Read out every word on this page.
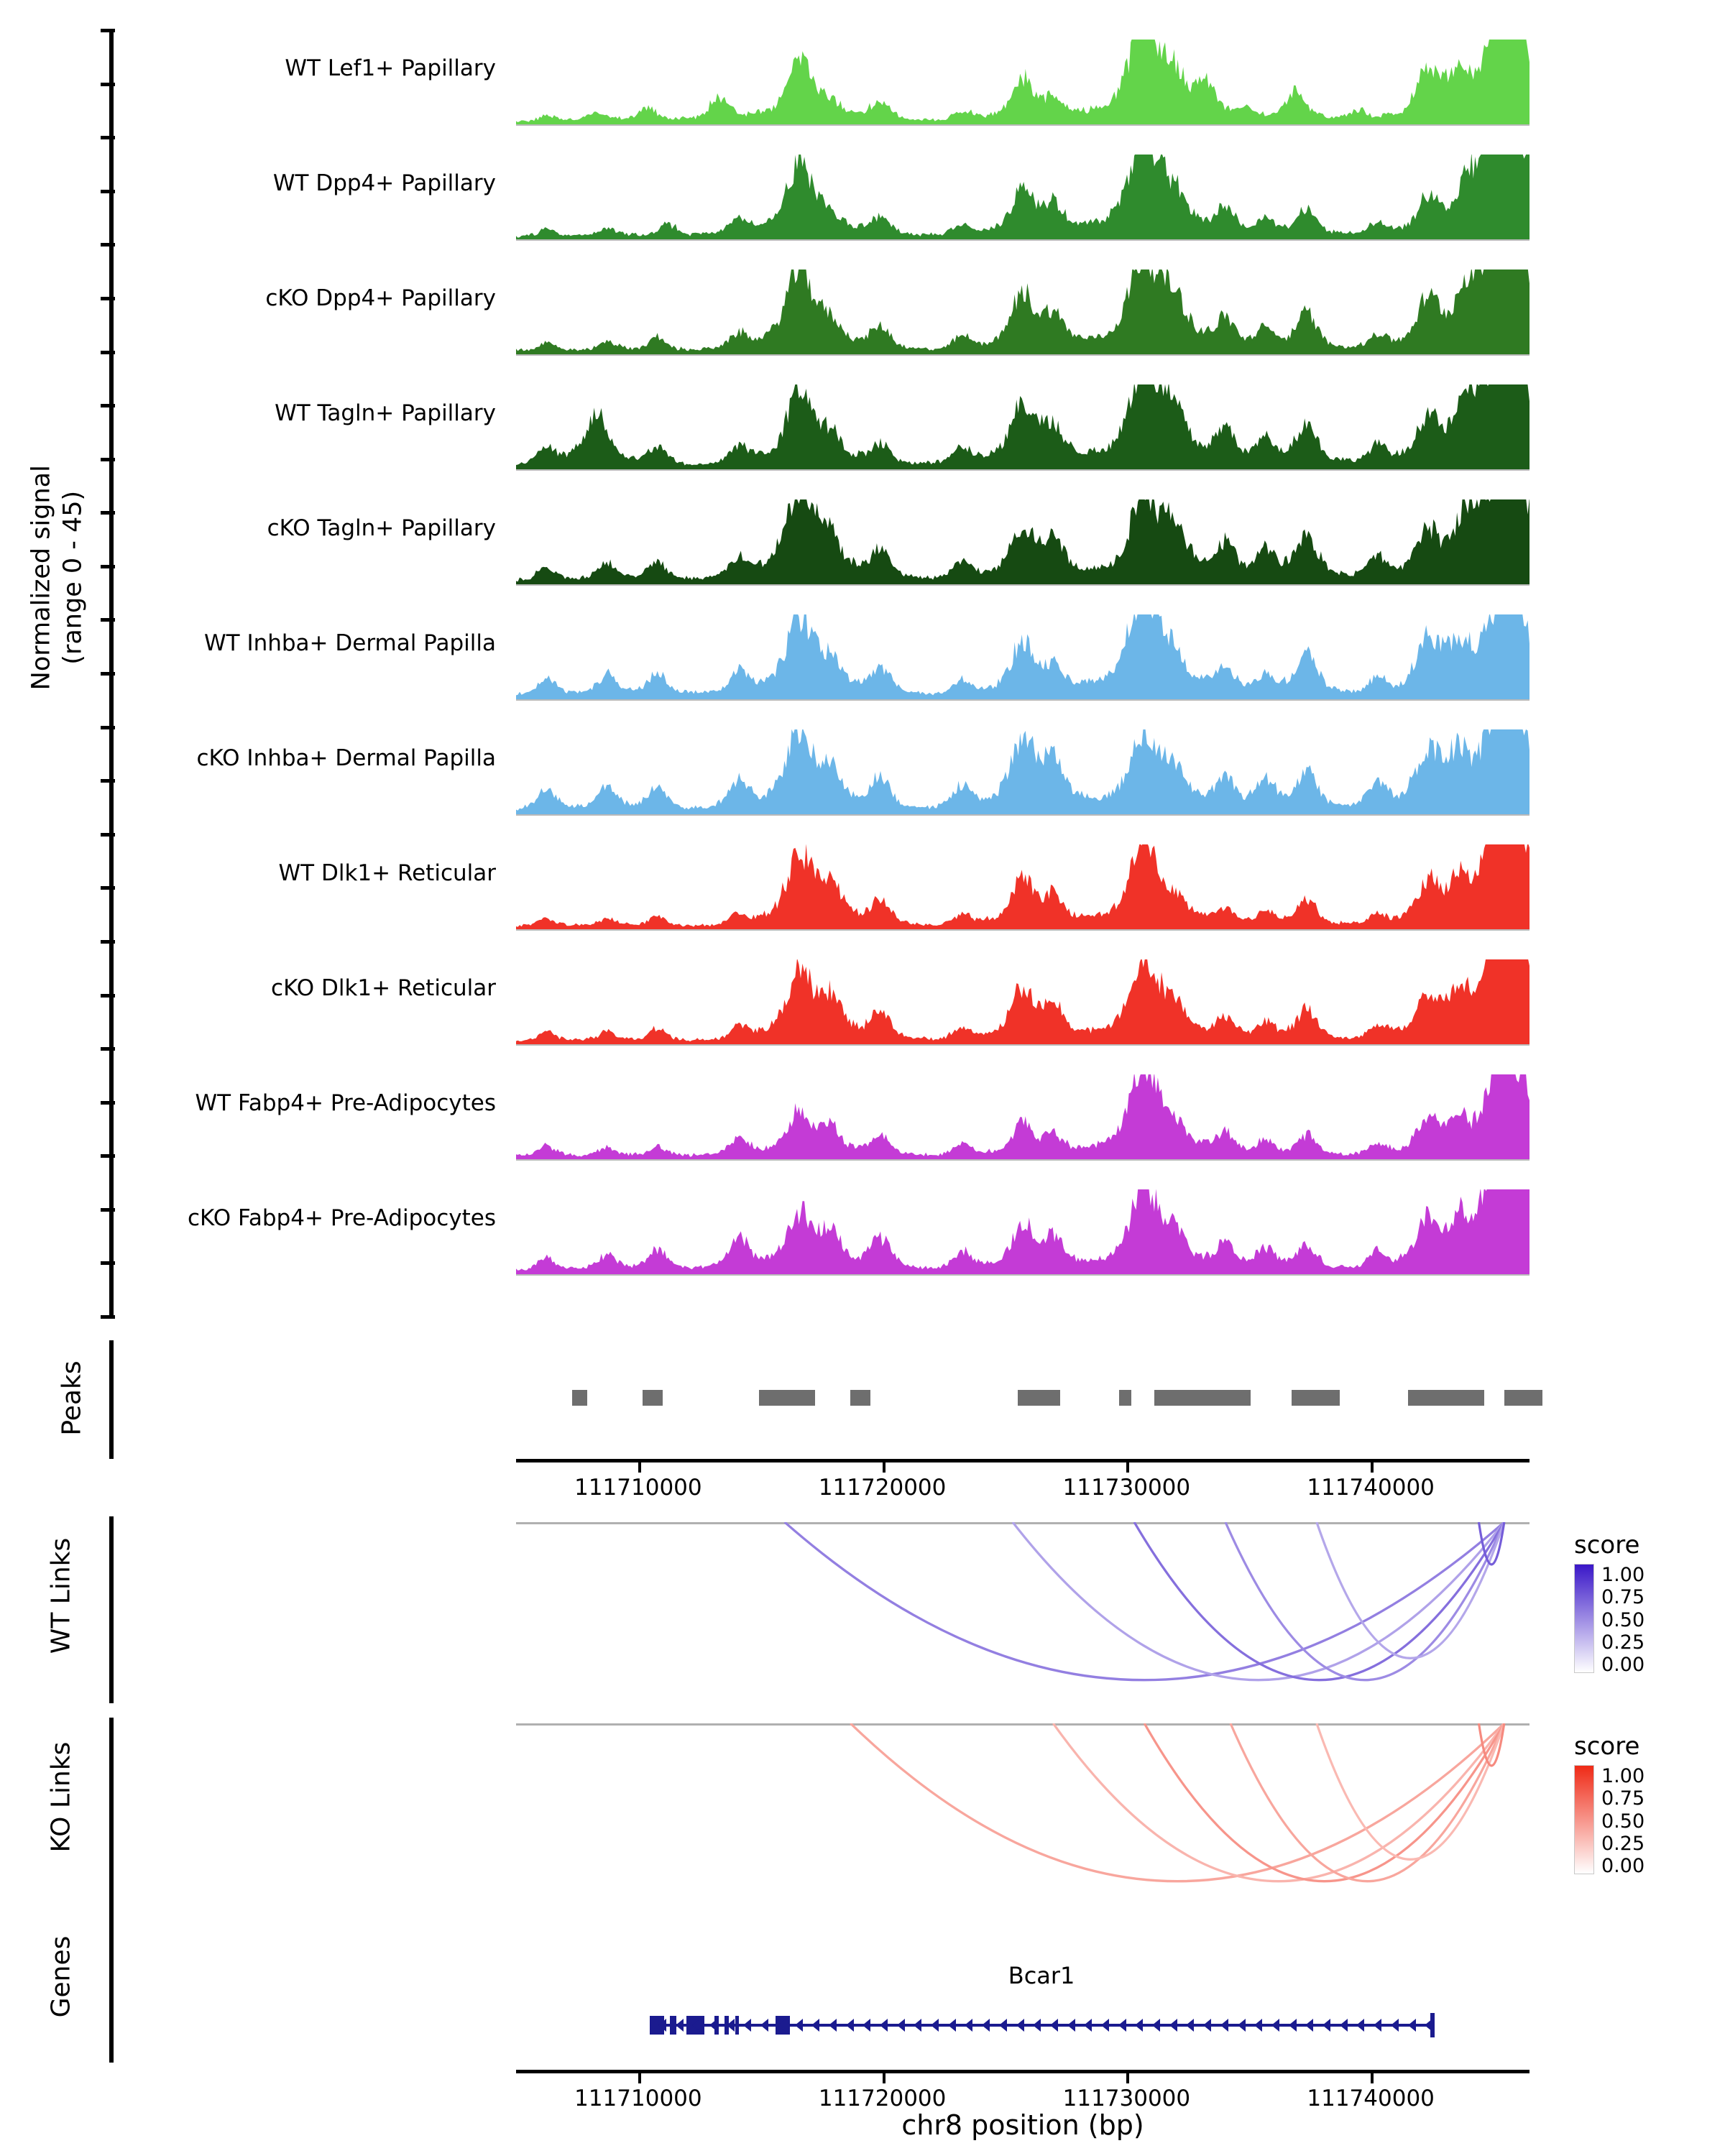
Normalized signal (range 0 - 45)
WT Lef1+ Papillary
WT Dpp4+ Papillary
cKO Dpp4+ Papillary
WT Tagln+ Papillary
cKO Tagln+ Papillary
WT Inhba+ Dermal Papilla
cKO Inhba+ Dermal Papilla
WT Dlk1+ Reticular
cKO Dlk1+ Reticular
WT Fabp4+ Pre-Adipocytes
cKO Fabp4+ Pre-Adipocytes
Peaks
111710000	111720000	111730000	111740000
WT Links	score
1.00
0.75
0.50
0.25
0.00
KO Links	score
1.00
0.75
0.50
0.25
0.00
Genes	Bcar1
111710000	111720000	111730000	111740000
chr8 position (bp)
